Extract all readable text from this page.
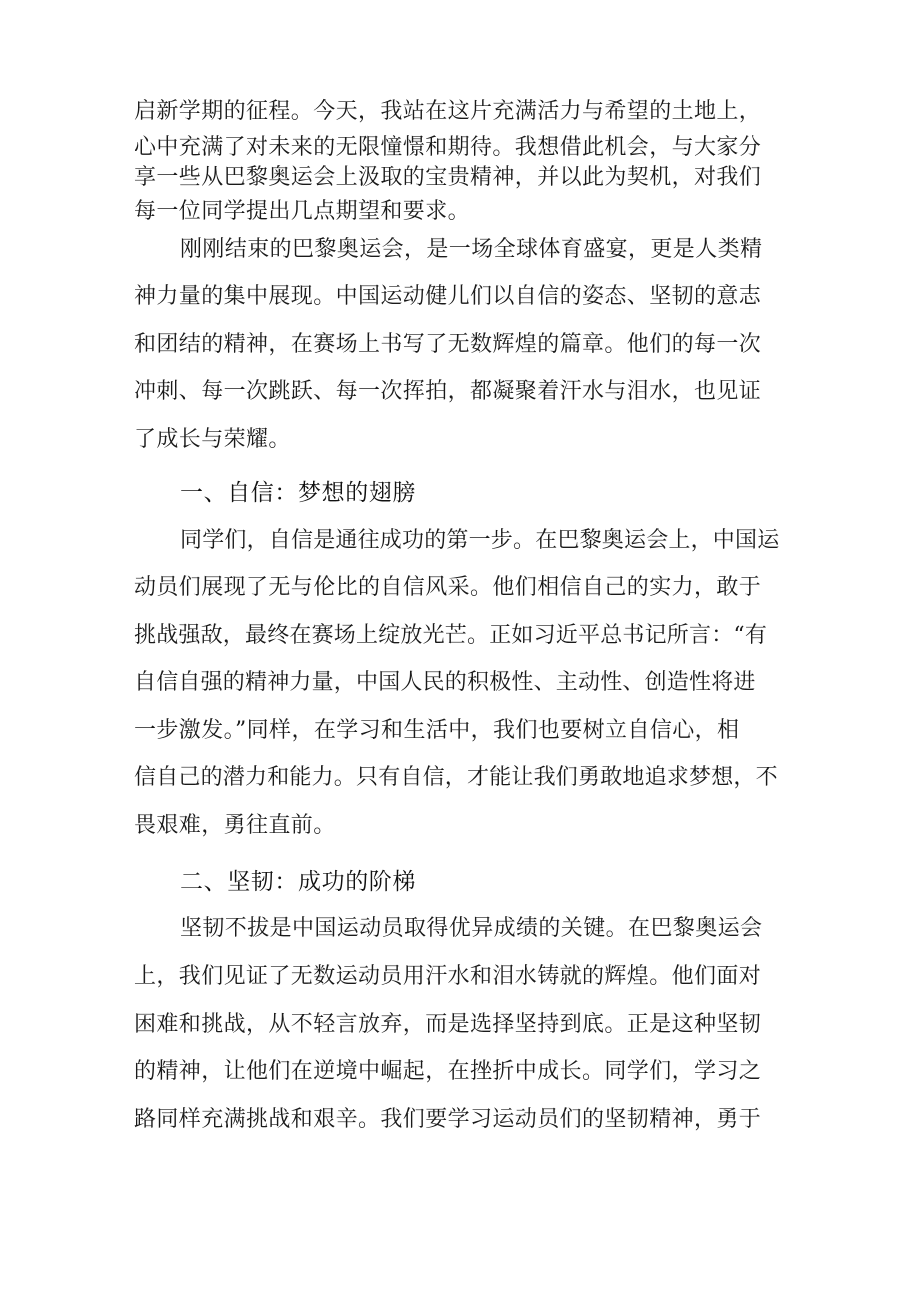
启新学期的征程。今天，我站在这片充满活力与希望的土地上，
心中充满了对未来的无限憧憬和期待。我想借此机会，与大家分
享一些从巴黎奥运会上汲取的宝贵精神，并以此为契机，对我们
每一位同学提出几点期望和要求。
刚刚结束的巴黎奥运会，是一场全球体育盛宴，更是人类精
神力量的集中展现。中国运动健儿们以自信的姿态、坚韧的意志
和团结的精神，在赛场上书写了无数辉煌的篇章。他们的每一次
冲刺、每一次跳跃、每一次挥拍，都凝聚着汗水与泪水，也见证
了成长与荣耀。
一、自信：梦想的翅膀
同学们，自信是通往成功的第一步。在巴黎奥运会上，中国运
动员们展现了无与伦比的自信风采。他们相信自己的实力，敢于
挑战强敌，最终在赛场上绽放光芒。正如习近平总书记所言：“有
自信自强的精神力量，中国人民的积极性、主动性、创造性将进
一步激发。”同样，在学习和生活中，我们也要树立自信心，相
信自己的潜力和能力。只有自信，才能让我们勇敢地追求梦想，不
畏艰难，勇往直前。
二、坚韧：成功的阶梯
坚韧不拔是中国运动员取得优异成绩的关键。在巴黎奥运会
上，我们见证了无数运动员用汗水和泪水铸就的辉煌。他们面对
困难和挑战，从不轻言放弃，而是选择坚持到底。正是这种坚韧
的精神，让他们在逆境中崛起，在挫折中成长。同学们，学习之
路同样充满挑战和艰辛。我们要学习运动员们的坚韧精神，勇于
